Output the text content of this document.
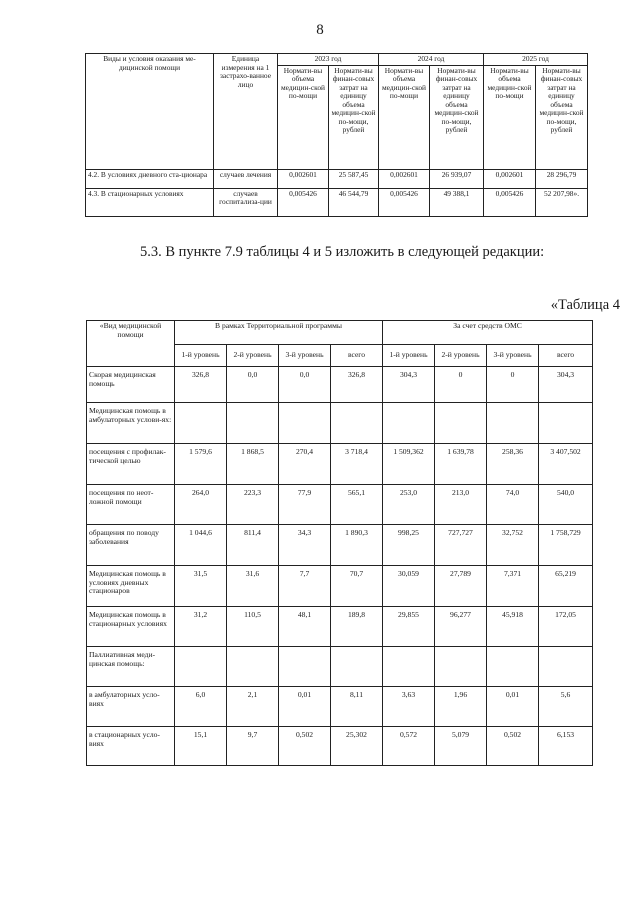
8
Виды и условия оказания ме-дицинской помощи	Единица измерения на 1 застрахо-ванное лицо	2023 год		2024 год		2025 год	
		Нормати-вы объема медицин-ской по-мощи	Нормати-вы финан-совых затрат на единицу объема медицин-ской по-мощи, рублей	Нормати-вы объема медицин-ской по-мощи	Нормати-вы финан-совых затрат на единицу объема медицин-ской по-мощи, рублей	Нормати-вы объема медицин-ской по-мощи	Нормати-вы финан-совых затрат на единицу объема медицин-ской по-мощи, рублей
4.2. В условиях дневного ста-ционара	случаев лечения	0,002601	25 587,45	0,002601	26 939,07	0,002601	28 296,79
4.3. В стационарных условиях	случаев госпитализа-ции	0,005426	46 544,79	0,005426	49 388,1	0,005426	52 207,98».
5.3. В пункте 7.9 таблицы 4 и 5 изложить в следующей редакции:
«Таблица 4
«Вид медицинской помощи	В рамках Территориальной программы				За счет средств ОМС			
	1-й уровень	2-й уровень	3-й уровень	всего	1-й уровень	2-й уровень	3-й уровень	всего
Скорая медицинская помощь	326,8	0,0	0,0	326,8	304,3	0	0	304,3
Медицинская помощь в амбулаторных услови-ях:								
посещения с профилак-тической целью	1 579,6	1 868,5	270,4	3 718,4	1 509,362	1 639,78	258,36	3 407,502
посещения по неот-ложной помощи	264,0	223,3	77,9	565,1	253,0	213,0	74,0	540,0
обращения по поводу заболевания	1 044,6	811,4	34,3	1 890,3	998,25	727,727	32,752	1 758,729
Медицинская помощь в условиях дневных стационаров	31,5	31,6	7,7	70,7	30,059	27,789	7,371	65,219
Медицинская помощь в стационарных условиях	31,2	110,5	48,1	189,8	29,855	96,277	45,918	172,05
Паллиативная меди-цинская помощь:								
в амбулаторных усло-виях	6,0	2,1	0,01	8,11	3,63	1,96	0,01	5,6
в стационарных усло-виях	15,1	9,7	0,502	25,302	0,572	5,079	0,502	6,153
